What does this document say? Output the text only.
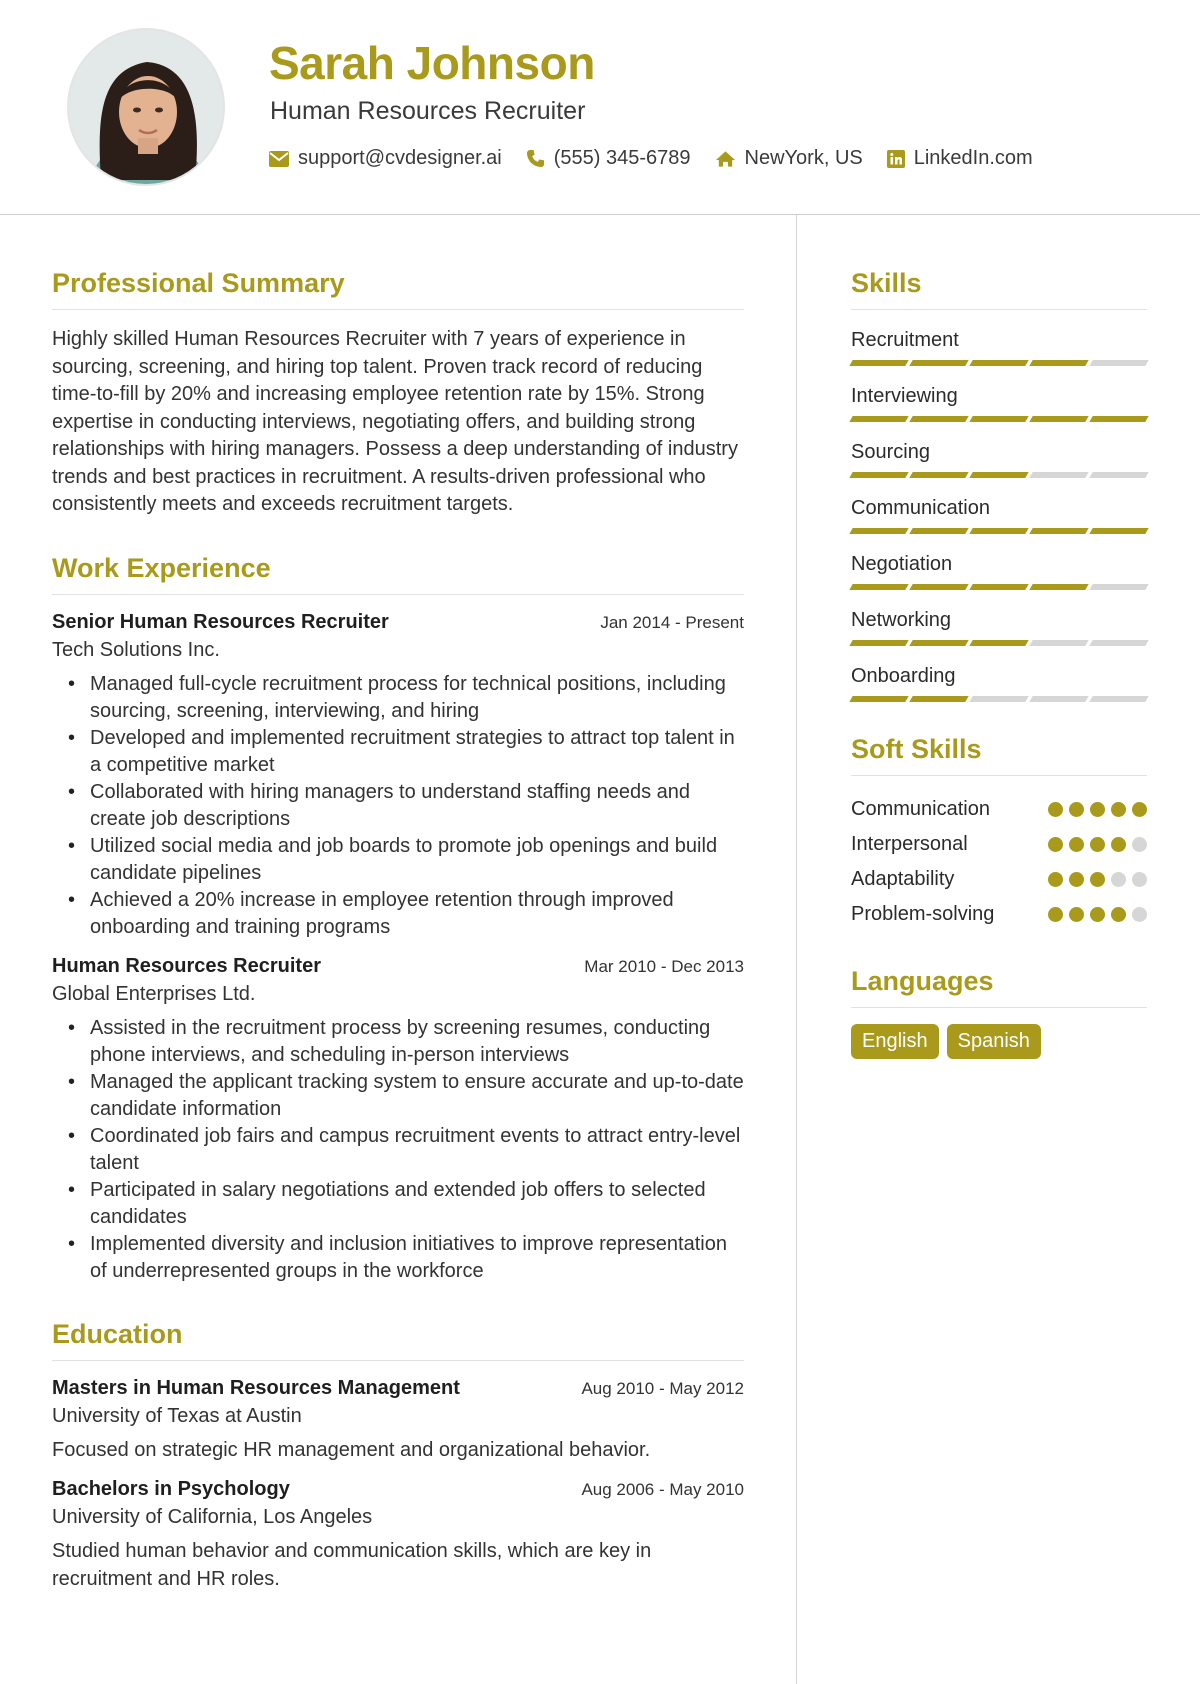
Sarah Johnson
Human Resources Recruiter
support@cvdesigner.ai	(555) 345-6789	NewYork, US	LinkedIn.com
Professional Summary

Highly skilled Human Resources Recruiter with 7 years of experience in sourcing, screening, and hiring top talent. Proven track record of reducing time-to-fill by 20% and increasing employee retention rate by 15%. Strong expertise in conducting interviews, negotiating offers, and building strong relationships with hiring managers. Possess a deep understanding of industry trends and best practices in recruitment. A results-driven professional who consistently meets and exceeds recruitment targets.

Work Experience
Senior Human Resources Recruiter	Jan 2014 - Present
Tech Solutions Inc.
• Managed full-cycle recruitment process for technical positions, including sourcing, screening, interviewing, and hiring
• Developed and implemented recruitment strategies to attract top talent in a competitive market
• Collaborated with hiring managers to understand staffing needs and create job descriptions
• Utilized social media and job boards to promote job openings and build candidate pipelines
• Achieved a 20% increase in employee retention through improved onboarding and training programs
Human Resources Recruiter	Mar 2010 - Dec 2013
Global Enterprises Ltd.
• Assisted in the recruitment process by screening resumes, conducting phone interviews, and scheduling in-person interviews
• Managed the applicant tracking system to ensure accurate and up-to-date candidate information
• Coordinated job fairs and campus recruitment events to attract entry-level talent
• Participated in salary negotiations and extended job offers to selected candidates
• Implemented diversity and inclusion initiatives to improve representation of underrepresented groups in the workforce
Education
Masters in Human Resources Management	Aug 2010 - May 2012
University of Texas at Austin

Focused on strategic HR management and organizational behavior.

Bachelors in Psychology	Aug 2006 - May 2010
University of California, Los Angeles

Studied human behavior and communication skills, which are key in recruitment and HR roles.

Skills
Recruitment
Interviewing
Sourcing
Communication
Negotiation
Networking
Onboarding
Soft Skills
Communication
Interpersonal
Adaptability
Problem-solving
Languages
English	Spanish
